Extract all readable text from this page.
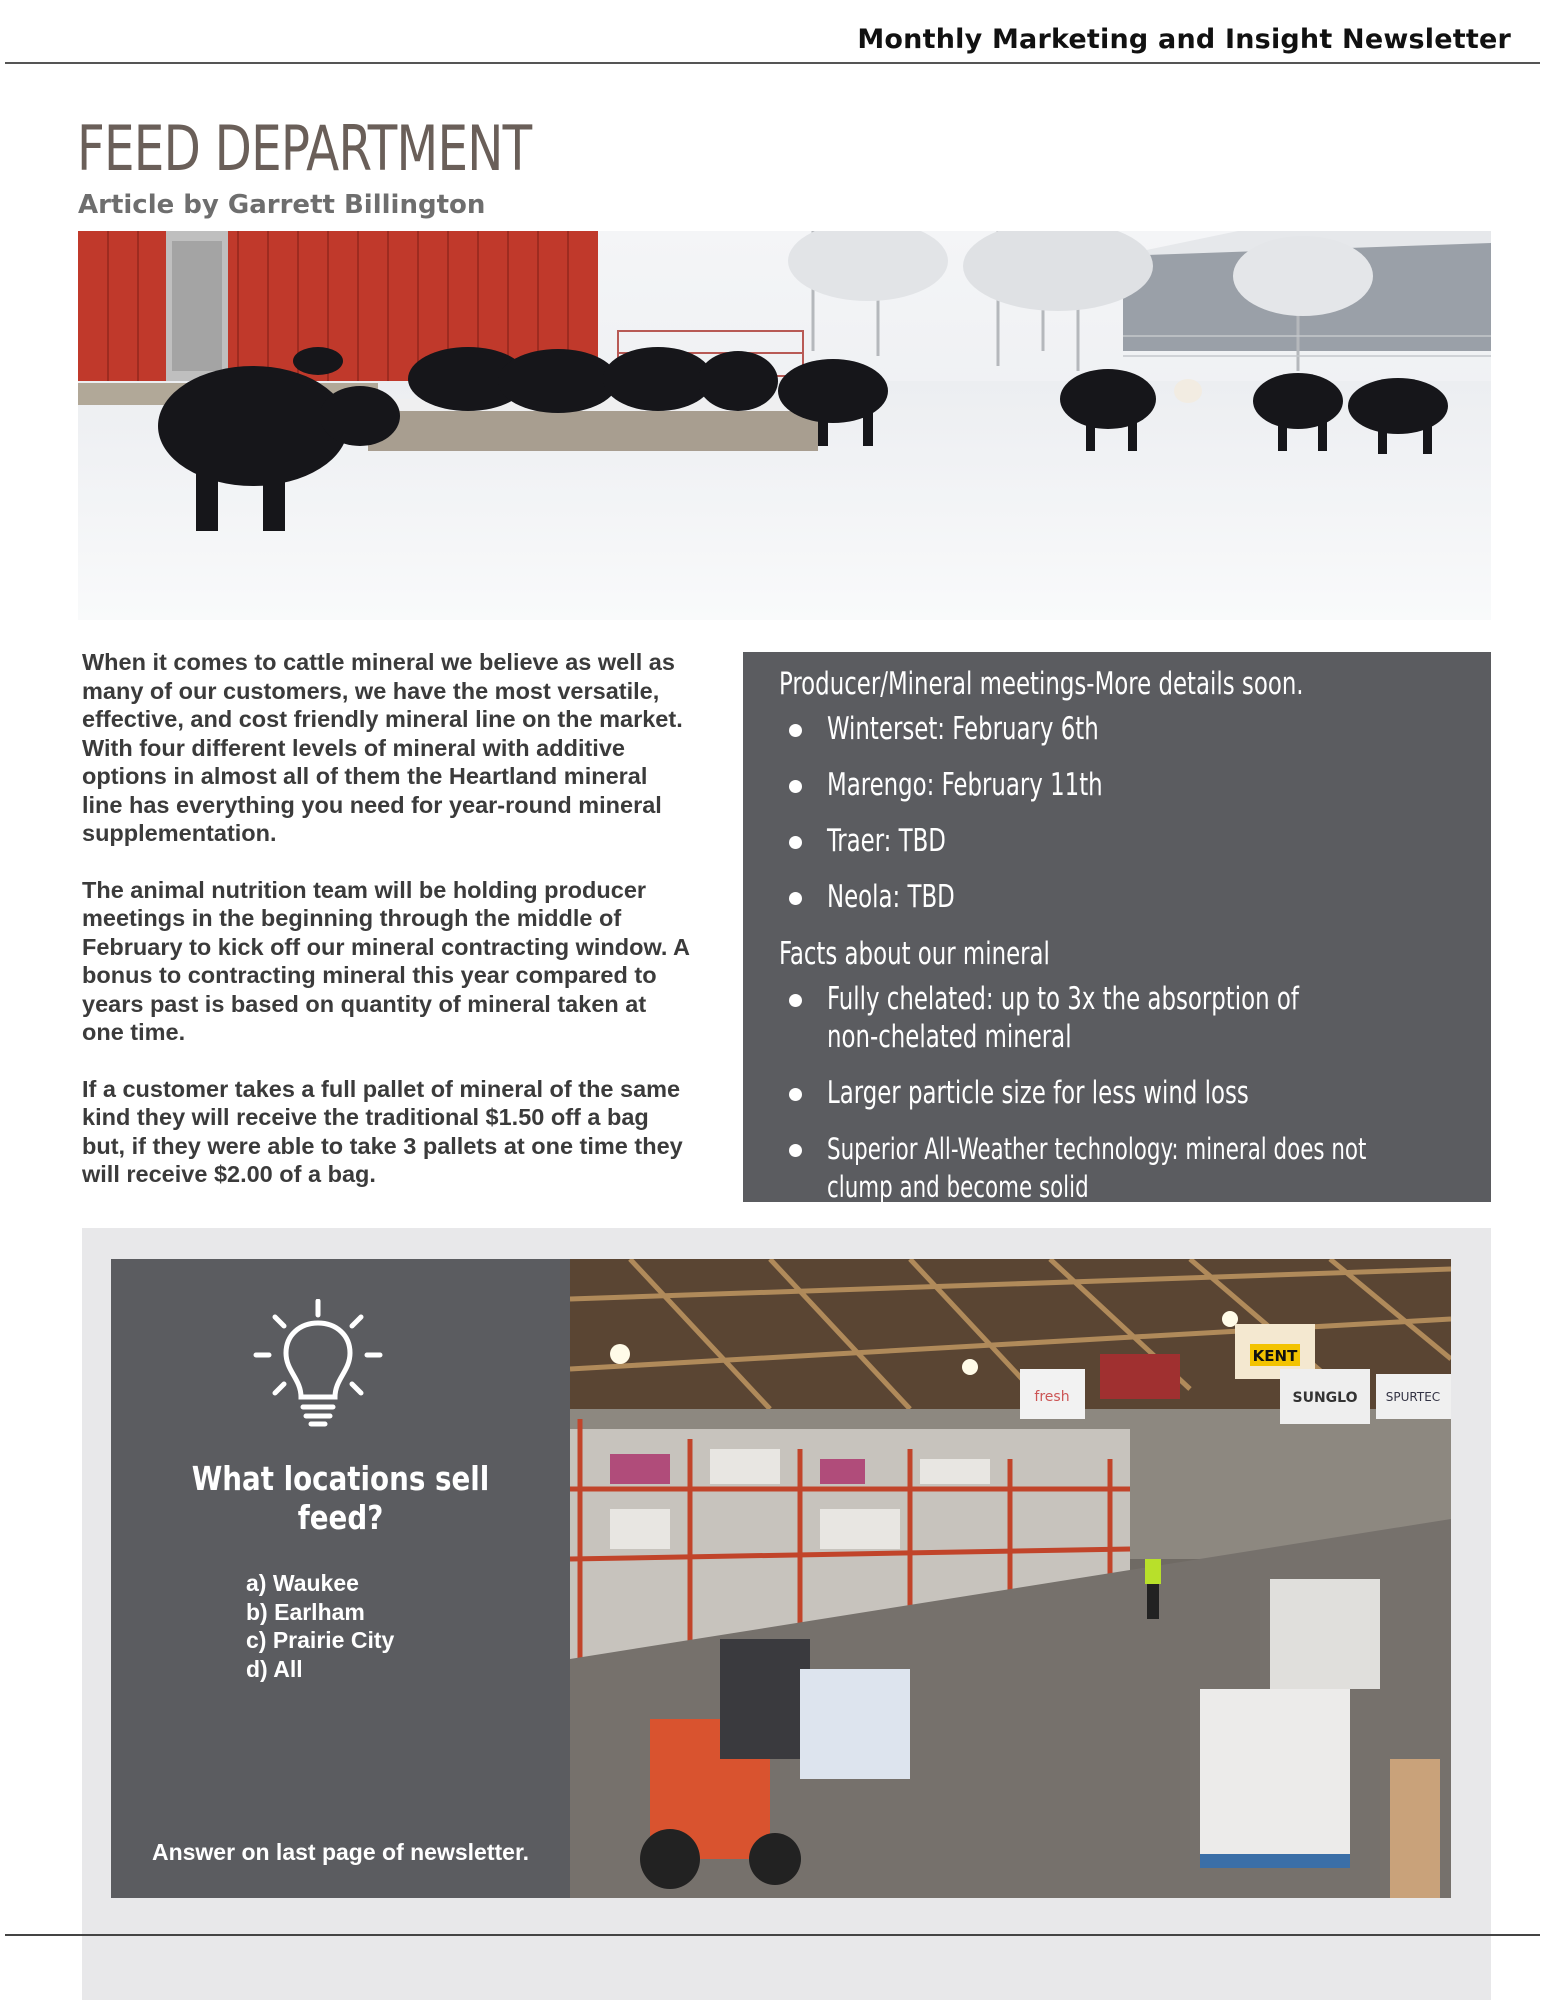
Monthly Marketing and Insight Newsletter
FEED DEPARTMENT
Article by Garrett Billington

When it comes to cattle mineral we believe as well as many of our customers, we have the most versatile, effective, and cost friendly mineral line on the market. With four different levels of mineral with additive options in almost all of them the Heartland mineral line has everything you need for year-round mineral supplementation.

The animal nutrition team will be holding producer meetings in the beginning through the middle of February to kick off our mineral contracting window. A bonus to contracting mineral this year compared to years past is based on quantity of mineral taken at one time.

If a customer takes a full pallet of mineral of the same kind they will receive the traditional $1.50 off a bag but, if they were able to take 3 pallets at one time they will receive $2.00 of a bag.

Producer/Mineral meetings-More details soon.

Winterset: February 6th
Marengo: February 11th
Traer: TBD
Neola: TBD

Facts about our mineral

Fully chelated: up to 3x the absorption of
non-chelated mineral
Larger particle size for less wind loss
Superior All-Weather technology: mineral does not
clump and become solid
What locations sell feed?
a) Waukee
b) Earlham
c) Prairie City
d) All
Answer on last page of newsletter.
fresh
KENT
SUNGLO SPURTEC
